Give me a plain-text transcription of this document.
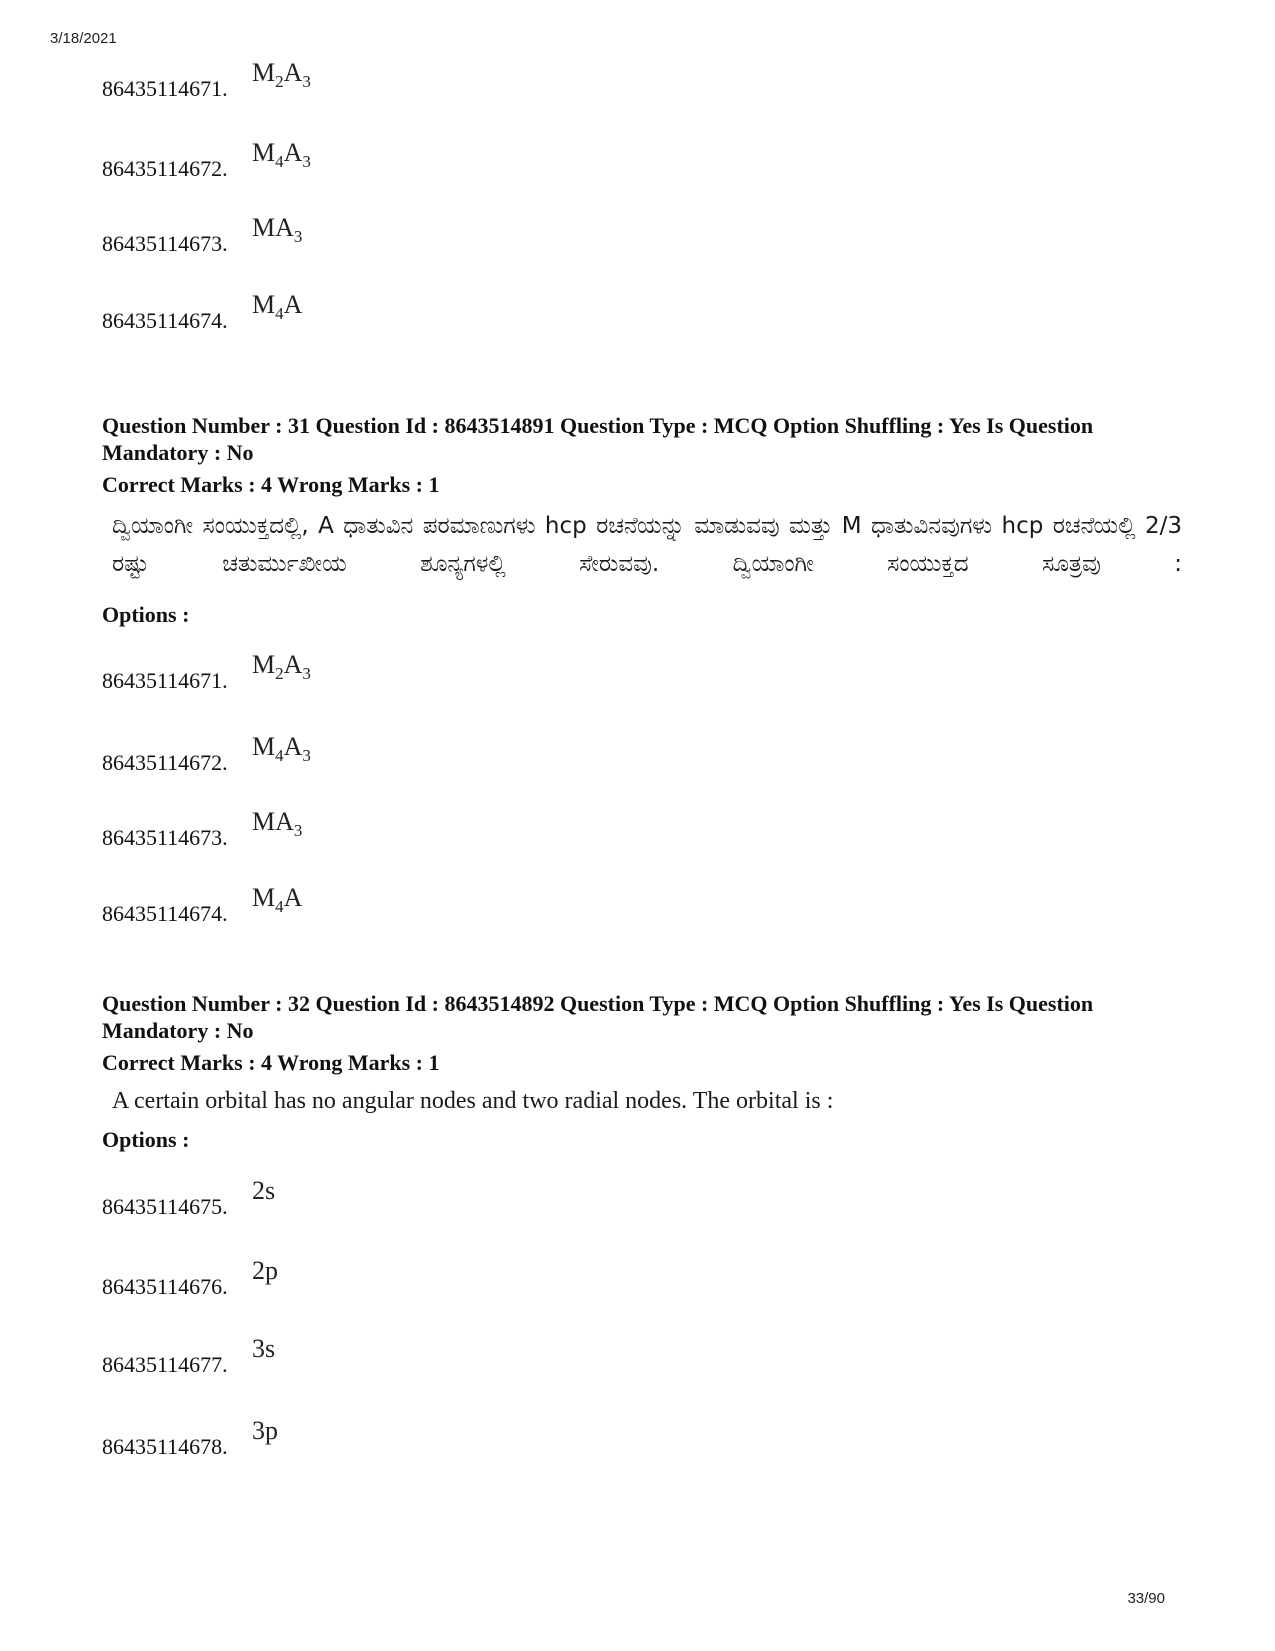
3/18/2021
86435114671.
$M_2A_3$
86435114672.
$M_4A_3$
86435114673.
$MA_3$
86435114674.
$M_4A$
Question Number : 31 Question Id : 8643514891 Question Type : MCQ Option Shuffling : Yes Is Question Mandatory : No
Correct Marks : 4 Wrong Marks : 1
ದ್ವಿಯಾಂಗೀ ಸಂಯುಕ್ತದಲ್ಲಿ, A ಧಾತುವಿನ ಪರಮಾಣುಗಳು hcp ರಚನೆಯನ್ನು ಮಾಡುವವು ಮತ್ತು M ಧಾತುವಿನವುಗಳು hcp ರಚನೆಯಲ್ಲಿ 2/3 ರಷ್ಟು ಚತುರ್ಮುಖೀಯ ಶೂನ್ಯಗಳಲ್ಲಿ ಸೇರುವವು. ದ್ವಿಯಾಂಗೀ ಸಂಯುಕ್ತದ ಸೂತ್ರವು :
Options :
86435114671.
$M_2A_3$
86435114672.
$M_4A_3$
86435114673.
$MA_3$
86435114674.
$M_4A$
Question Number : 32 Question Id : 8643514892 Question Type : MCQ Option Shuffling : Yes Is Question Mandatory : No
Correct Marks : 4 Wrong Marks : 1
A certain orbital has no angular nodes and two radial nodes. The orbital is :
Options :
86435114675.
2s
86435114676.
2p
86435114677.
3s
86435114678.
3p
33/90
